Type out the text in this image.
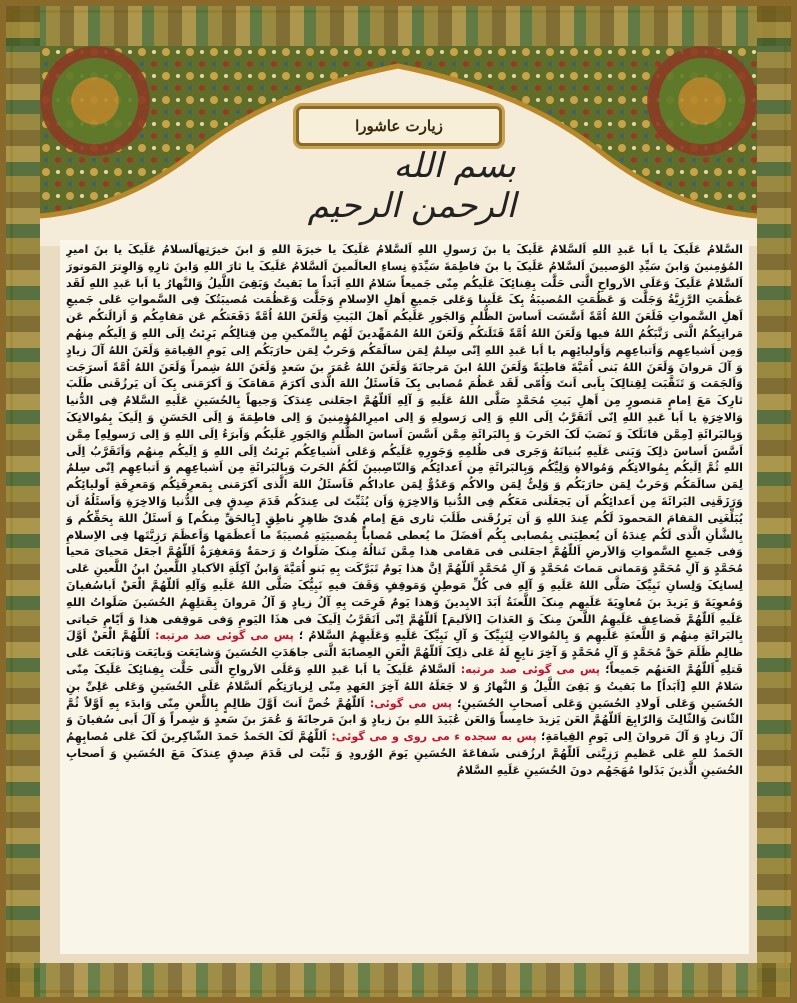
زیارت عاشورا
بسم الله الرحمن الرحیم
السَّلامُ عَلَیکَ یا اَبا عَبدِ اللهِ اَلسَّلامُ عَلَیکَ یا بنَ رَسولِ اللهِ اَلسَّلامُ عَلَیکَ یا خیرَةَ اللهِ وَ ابنَ خیرَتِهاَلسلامُ عَلَیکَ یا بنَ امیرِ المُؤمِنینَ وَابنَ سَیِّدِ الوَصیینَ اَلسَّلامُ عَلَیکَ یا بنَ فاطِمَةَ سَیِّدَةِ نِساءِ العالَمینَ اَلسَّلامُ عَلَیکَ یا ثارَ اللهِ وَابنَ ثارِهِ وَالوِترَ المَوتورَ اَلسَّلامُ عَلَیکَ وَعَلَی الاَرواحِ الَّتی حَلَّت بِفِنائِکَ عَلَیکُم مِنّی جَمیعاً سَلامُ اللهِ اَبَداً ما بَقیتُ وَبَقِیَ اللَّیلُ وَالنَّهارُ یا اَبا عَبدِ اللهِ لَقَد عَظُمَتِ الرَّزِیَّةُ وَجَلَّت وَ عَظُمَتِ المُصیبَةُ بِکَ عَلَینا وَعَلی جَمیعِ اَهلِ الاِسلامِ وَجَلَّت وَعَظُمَت مُصیبَتُکَ فِی السَّمواتِ عَلی جَمیعِ اَهلِ السَّمواتِ فَلَعَنَ اللهُ اُمَّةً اَسَّسَت اَساسَ الظُّلمِ وَالجَورِ عَلَیکُم اَهلَ البَیتِ وَلَعَنَ اللهُ اُمَّةً دَفَعَتکُم عَن مَقامِکُم وَ اَزالَتکُم عَن مَراتِبِکُمُ الَّتی رَتَّبَکُمُ اللهُ فیها وَلَعَنَ اللهُ اُمَّةً قَتَلَتکُم وَلَعَنَ اللهُ المُمَهِّدینَ لَهُم بِالتَّمکینِ مِن قِتالِکُم بَرِئتُ اِلَی اللهِ وَ اِلَیکُم مِنهُم وَمِن اَشیاعِهِم وَاَتباعِهِم وَاَولیائِهِم یا اَبا عَبدِ اللهِ اِنّی سِلمٌ لِمَن سالَمَکُم وَحَربٌ لِمَن حارَبَکُم اِلی یَومِ القِیامَةِ وَلَعَنَ اللهُ آلَ زیادٍ وَ آلَ مَروانَ وَلَعَنَ اللهُ بَنی اُمَیَّةَ قاطِبَةً وَلَعَنَ اللهُ ابنَ مَرجانَةَ وَلَعَنَ اللهُ عُمَرَ بنَ سَعدٍ وَلَعَنَ اللهُ شِمراً وَلَعَنَ اللهُ اُمَّةً اَسرَجَت وَاَلجَمَت وَ تَنَقَّبَت لِقِتالِکَ بِاَبی اَنتَ وَاُمّی لَقَد عَظُمَ مُصابی بِکَ فَاَسئَلُ اللهَ الَّذی اَکرَمَ مَقامَکَ وَ اَکرَمَنی بِکَ اَن یَرزُقَنی طَلَبَ ثارِکَ مَعَ اِمامٍ مَنصورٍ مِن اَهلِ بَیتِ مُحَمَّدٍ صَلَّی اللهُ عَلَیهِ وَ آلِهِ اَللّهُمَّ اجعَلنی عِندَکَ وَجیهاً بِالحُسَینِ عَلَیهِ السَّلامُ فِی الدُّنیا وَالاخِرَةِ یا اَبا عَبدِ اللهِ اِنّی اَتَقَرَّبُ اِلَی اللهِ وَ اِلی رَسولِهِ وَ اِلی امیرِالمُؤمِنینَ وَ اِلی فاطِمَةَ وَ اِلَی الحَسَنِ وَ اِلَیکَ بِمُوالاتِکَ وَبِالبَرائَةِ [مِمَّن قاتَلَکَ وَ نَصَبَ لَکَ الحَربَ وَ بِالبَرائَةِ مِمَّن اَسَّسَ اَساسَ الظُّلمِ وَالجَورِ عَلَیکُم وَاَبرَءُ اِلَی اللهِ وَ اِلی رَسولِهِ] مِمَّن اَسَّسَ اَساسَ ذلِکَ وَبَنی عَلَیهِ بُنیانَهُ وَجَری فی ظُلمِهِ وَجَورِهِ عَلَیکُم وَعَلی اَشیاعِکُم بَرِئتُ اِلَی اللهِ وَ اِلَیکُم مِنهُم وَاَتَقَرَّبُ اِلَی اللهِ ثُمَّ اِلَیکُم بِمُوالاتِکُم وَمُوالاةِ وَلِیِّکُم وَبِالبَرائَةِ مِن اَعدائِکُم وَالنّاصِبینَ لَکُمُ الحَربَ وَبِالبَرائَةِ مِن اَشیاعِهِم وَ اَتباعِهِم اِنّی سِلمٌ لِمَن سالَمَکُم وَحَربٌ لِمَن حارَبَکُم وَ وَلِیٌّ لِمَن والاکُم وَعَدُوٌّ لِمَن عاداکُم فَاَسئَلُ اللهَ الَّذی اَکرَمَنی بِمَعرِفَتِکُم وَمَعرِفَةِ اَولیائِکُم وَرَزَقَنِی البَرائَةَ مِن اَعدائِکُم اَن یَجعَلَنی مَعَکُم فِی الدُّنیا وَالاخِرَةِ وَاَن یُثَبِّتَ لی عِندَکُم قَدَمَ صِدقٍ فِی الدُّنیا وَالاخِرَةِ وَاَسئَلُهُ اَن یُبَلِّغَنِی المَقامَ المَحمودَ لَکُم عِندَ اللهِ وَ اَن یَرزُقَنی طَلَبَ ثاری مَعَ اِمامٍ هُدیً ظاهِرٍ ناطِقٍ [بِالحَقِّ مِنکُم] وَ اَسئَلُ اللهَ بِحَقِّکُم وَ بِالشَّأنِ الَّذی لَکُم عِندَهُ اَن یُعطِیَنی بِمُصابی بِکُم اَفضَلَ ما یُعطی مُصاباً بِمُصیبَتِهِ مُصیبَةً ما اَعظَمَها وَاَعظَمَ رَزِیَّتَها فِی الاِسلامِ وَفی جَمیعِ السَّمواتِ وَالاَرضِ اَللّهُمَّ اجعَلنی فی مَقامی هذا مِمَّن تَنالُهُ مِنکَ صَلَواتٌ وَ رَحمَةٌ وَمَغفِرَةٌ اَللّهُمَّ اجعَل مَحیایَ مَحیا مُحَمَّدٍ وَ آلِ مُحَمَّدٍ وَمَماتی مَماتَ مُحَمَّدٍ وَ آلِ مُحَمَّدٍ اَللّهُمَّ اِنَّ هذا یَومٌ تَبَرَّکَت بِهِ بَنو اُمَیَّةَ وَابنُ آکِلَةِ الاَکبادِ اللَّعینُ ابنُ اللَّعینِ عَلی لِسانِکَ وَلِسانِ نَبِیِّکَ صَلَّی اللهُ عَلَیهِ وَ آلِهِ فی کُلِّ مَوطِنٍ وَمَوقِفٍ وَقَفَ فیهِ نَبِیُّکَ صَلَّی اللهُ عَلَیهِ وَآلِهِ اَللّهُمَّ الْعَنْ اَباسُفیانَ وَمُعوِیَةَ وَ یَزیدَ بنَ مُعاوِیَةَ عَلَیهِم مِنکَ اللَّعنَةُ اَبَدَ الابِدینَ وَهذا یَومٌ فَرِحَت بِهِ آلُ زیادٍ وَ آلُ مَروانَ بِقَتلِهِمُ الحُسَینَ صَلَواتُ اللهِ عَلَیهِ اَللّهُمَّ فَضاعِف عَلَیهِمُ اللَّعنَ مِنکَ وَ العَذابَ [الاَلیمَ] اَللّهُمَّ اِنّی اَتَقَرَّبُ اِلَیکَ فی هذَا الیَومِ وَفی مَوقِفی هذا وَ اَیّامِ حَیاتی بِالبَرائَةِ مِنهُم وَ اللَّعنَةِ عَلَیهِم وَ بِالمُوالاتِ لِنَبِیِّکَ وَ آلِ نَبِیِّکَ عَلَیهِ وَعَلَیهِمُ السَّلامُ ؛ پس می گوئی صد مرتبه: اَللّهُمَّ الْعَنْ اَوَّلَ ظالِمٍ ظَلَمَ حَقَّ مُحَمَّدٍ وَ آلِ مُحَمَّدٍ وَ آخِرَ تابِعٍ لَهُ عَلی ذلِکَ اَللّهُمَّ الْعَنِ العِصابَةَ الَّتی جاهَدَتِ الحُسَینَ وَشایَعَت وَبایَعَت وَتابَعَت عَلی قَتلِهِ اَللّهُمَّ العَنهُم جَمیعاً؛ پس می گوئی صد مرتبه: اَلسَّلامُ عَلَیکَ یا اَبا عَبدِ اللهِ وَعَلَی الاَرواحِ الَّتی حَلَّت بِفِنائِکَ عَلَیکَ مِنّی سَلامُ اللهِ [اَبَداً] ما بَقیتُ وَ بَقِیَ اللَّیلُ وَ النَّهارُ وَ لا جَعَلَهُ اللهُ آخِرَ العَهدِ مِنّی لِزیارَتِکُم اَلسَّلامُ عَلَی الحُسَینِ وَعَلی عَلِیِّ بنِ الحُسَینِ وَعَلی اَولادِ الحُسَینِ وَعَلی اَصحابِ الحُسَینِ؛ پس می گوئی: اَللّهُمَّ خُصَّ اَنتَ اَوَّلَ ظالِمٍ بِاللَّعنِ مِنّی وَابدَء بِهِ اَوَّلاً ثُمَّ الثّانیَ وَالثّالِثَ وَالرّابِعَ اَللّهُمَّ العَن یَزیدَ خامِساً وَالعَن عُبَیدَ اللهِ بنَ زیادٍ وَ ابنَ مَرجانَةَ وَ عُمَرَ بنَ سَعدٍ وَ شِمراً وَ آلَ اَبی سُفیانَ وَ آلَ زیادٍ وَ آلَ مَروانَ اِلی یَومِ القِیامَةِ؛ پس به سجده ء می روی و می گوئی: اَللّهُمَّ لَکَ الحَمدُ حَمدَ الشّاکِرینَ لَکَ عَلی مُصابِهِمُ الحَمدُ للهِ عَلی عَظیمِ رَزِیَّتی اَللّهُمَّ ارزُقنی شَفاعَةَ الحُسَینِ یَومَ الوُرودِ وَ ثَبِّت لی قَدَمَ صِدقٍ عِندَکَ مَعَ الحُسَینِ وَ اَصحابِ الحُسَینِ الَّذینَ بَذَلوا مُهَجَهُم دونَ الحُسَینِ عَلَیهِ السَّلامُ
